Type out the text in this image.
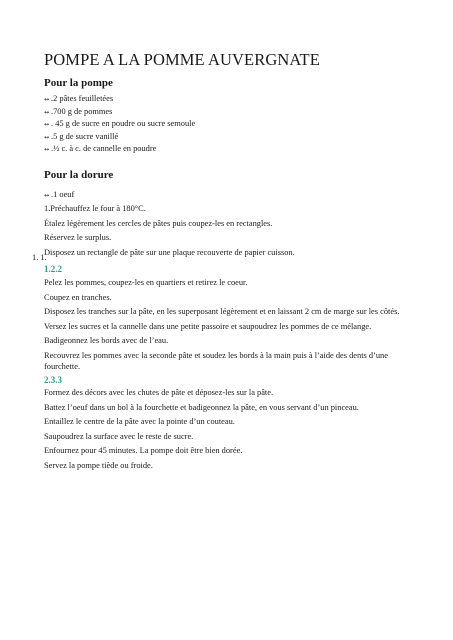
POMPE A LA POMME AUVERGNATE
Pour la pompe
↔ .2 pâtes feuilletées
↔ .700 g de pommes
↔ . 45 g de sucre en poudre ou sucre semoule
↔ .5 g de sucre vanillé
↔ .½ c. à c. de cannelle en poudre
Pour la dorure
↔ .1 oeuf

1.Préchauffez le four à 180°C.

Étalez légèrement les cercles de pâtes puis coupez-les en rectangles.

Réservez le surplus.

Disposez un rectangle de pâte sur une plaque recouverte de papier cuisson.

1. 1.
1.2.2

Pelez les pommes, coupez-les en quartiers et retirez le coeur.

Coupez en tranches.

Disposez les tranches sur la pâte, en les superposant légèrement et en laissant 2 cm de marge sur les côtés.

Versez les sucres et la cannelle dans une petite passoire et saupoudrez les pommes de ce mélange.

Badigeonnez les bords avec de l’eau.

Recouvrez les pommes avec la seconde pâte et soudez les bords à la main puis à l’aide des dents d’une fourchette.

2.3.3

Formez des décors avec les chutes de pâte et déposez-les sur la pâte.

Battez l’oeuf dans un bol à la fourchette et badigeonnez la pâte, en vous servant d’un pinceau.

Entaillez le centre de la pâte avec la pointe d’un couteau.

Saupoudrez la surface avec le reste de sucre.

Enfournez pour 45 minutes. La pompe doit être bien dorée.

Servez la pompe tiède ou froide.
